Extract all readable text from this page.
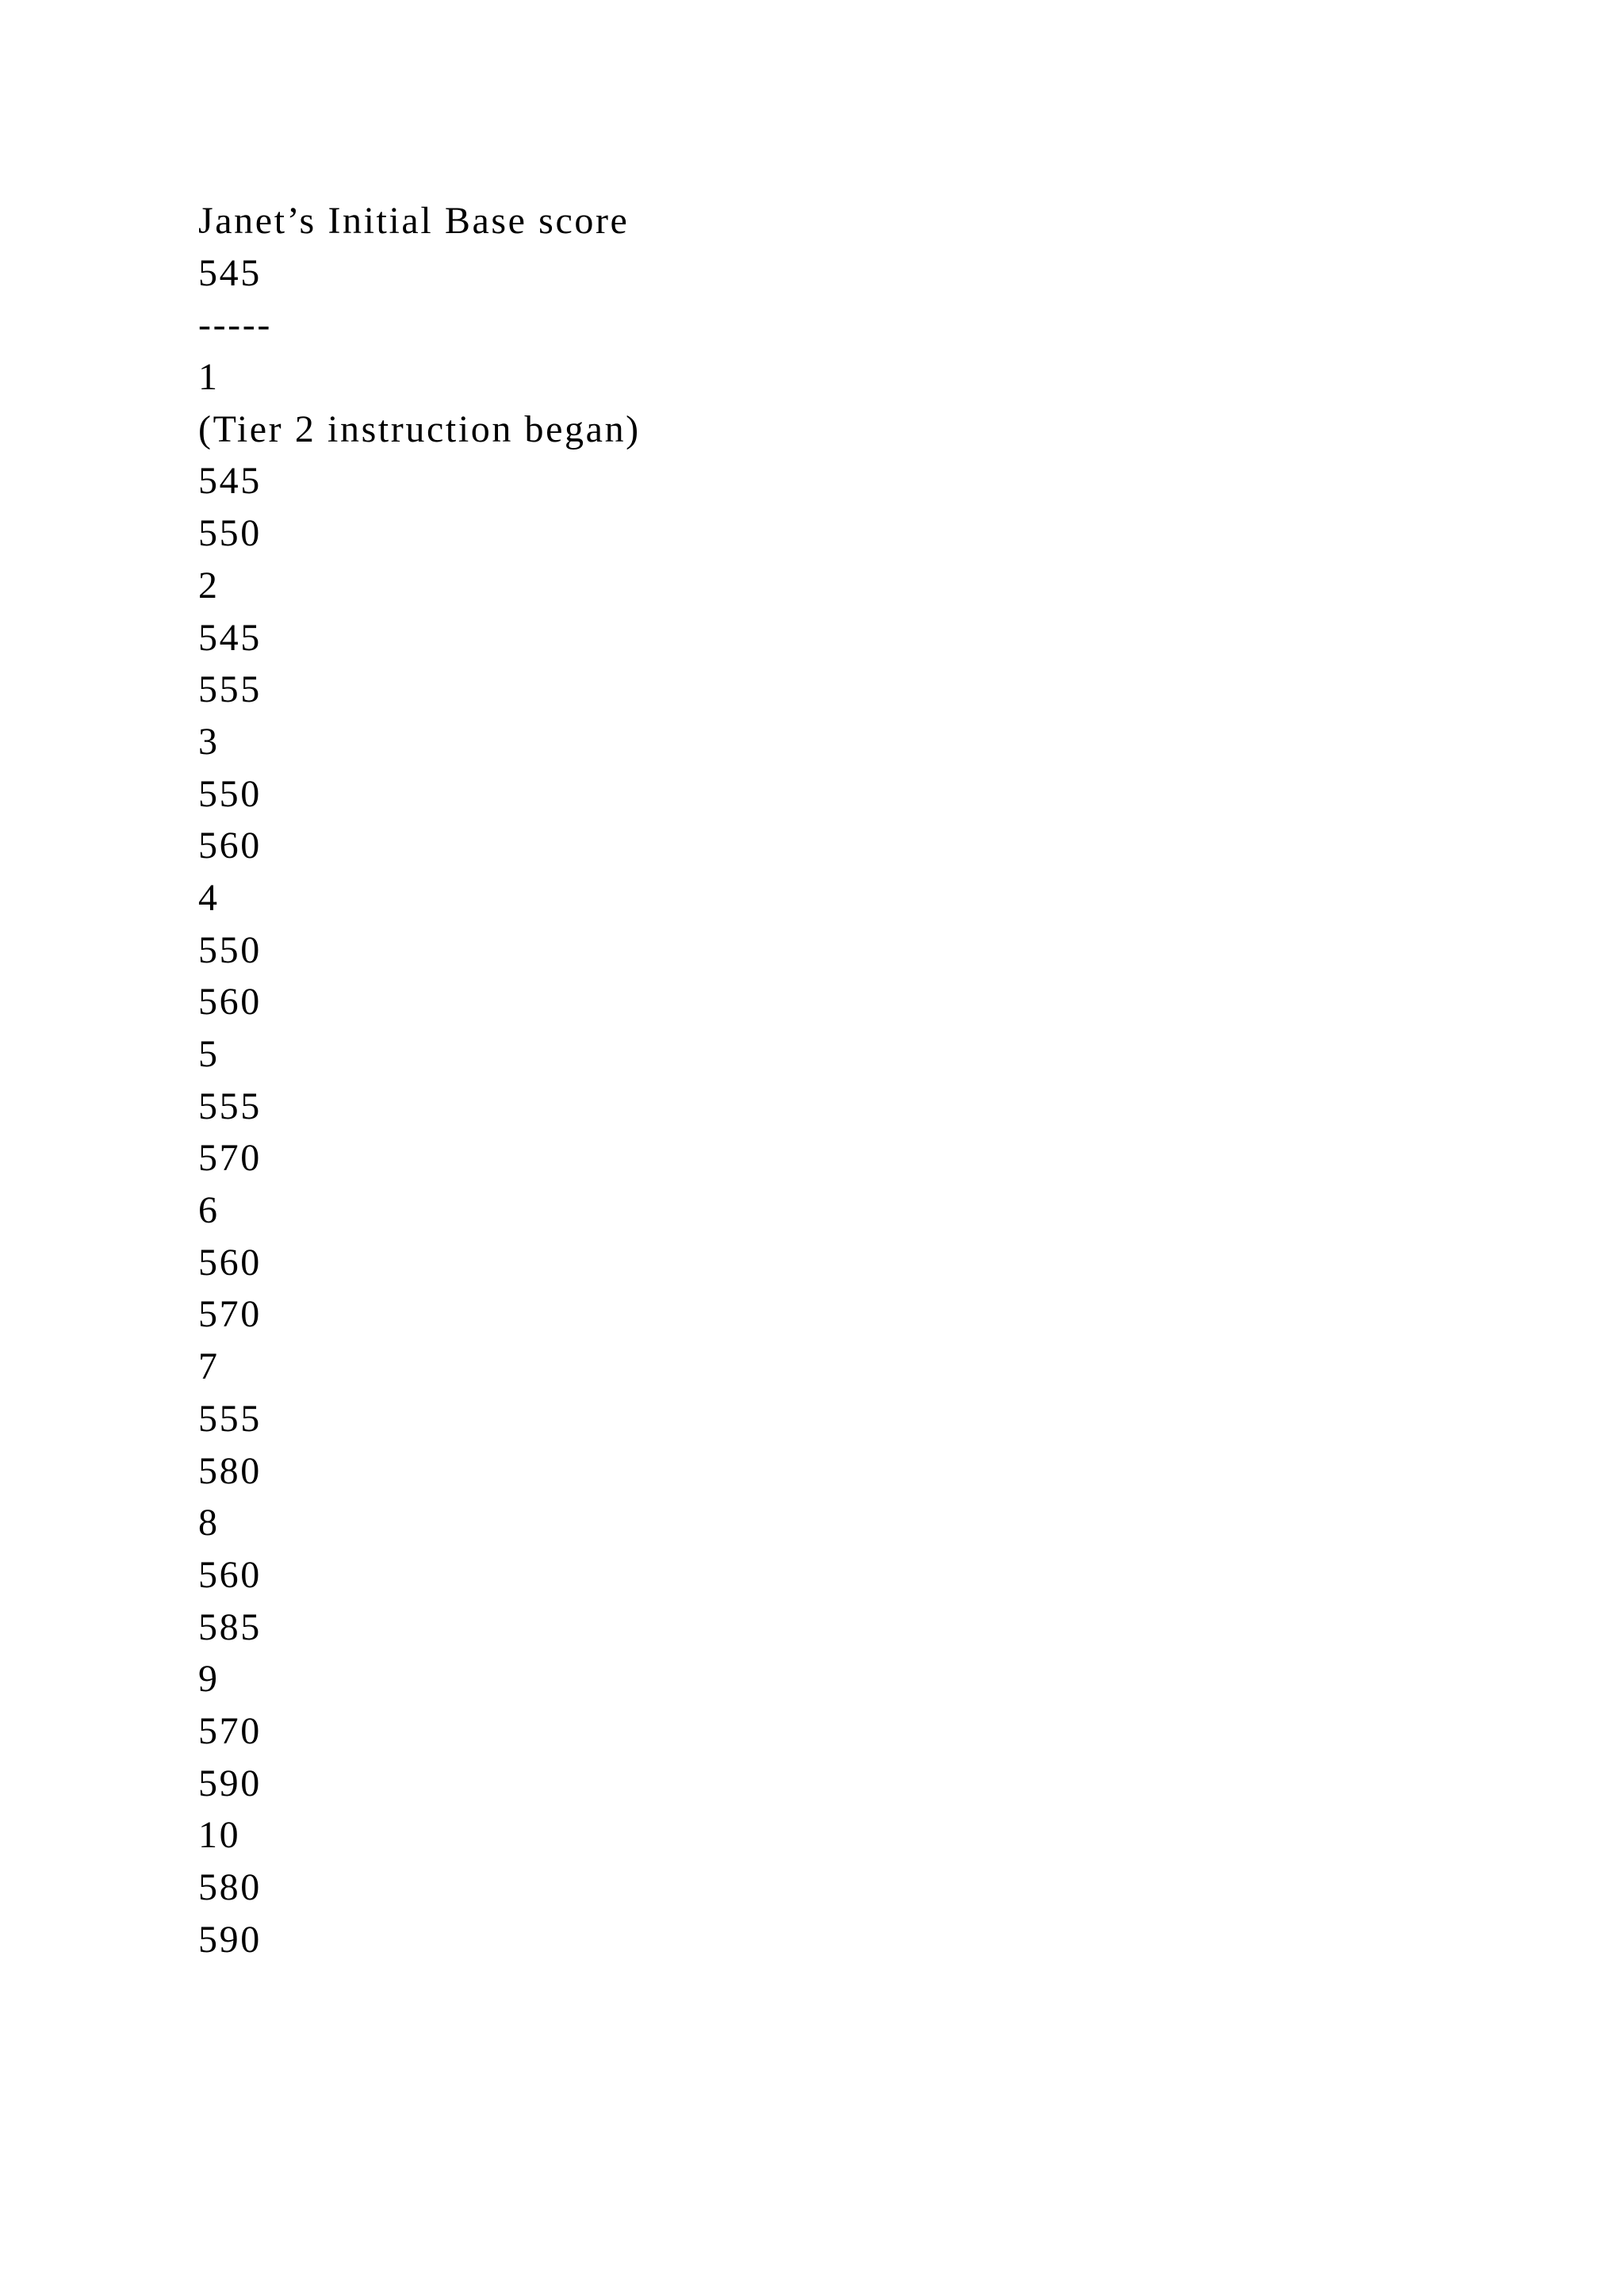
Janet’s Initial Base score
545
-----
1
(Tier 2 instruction began)
545
550
2
545
555
3
550
560
4
550
560
5
555
570
6
560
570
7
555
580
8
560
585
9
570
590
10
580
590
